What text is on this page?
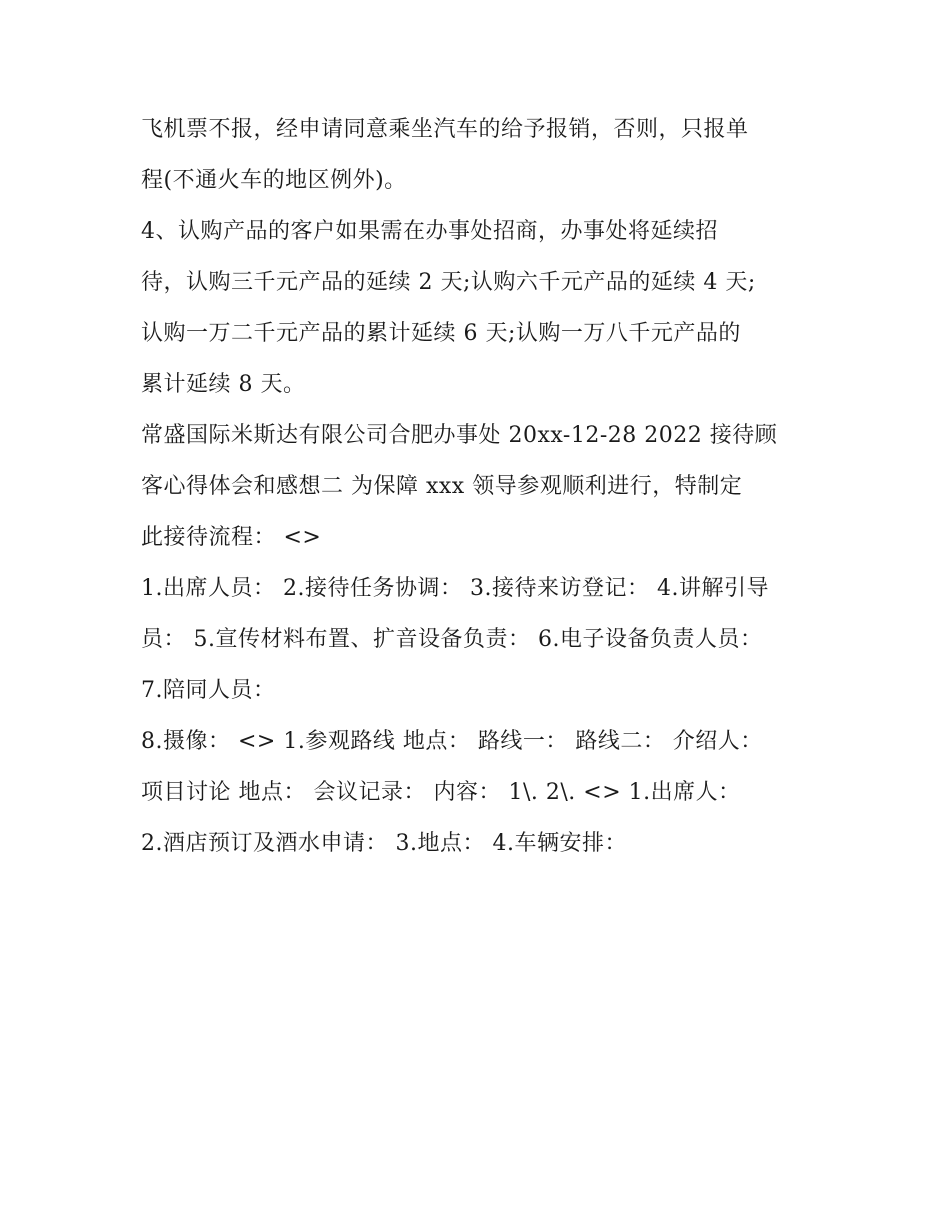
飞机票不报，经申请同意乘坐汽车的给予报销，否则，只报单
程(不通火车的地区例外)。
4、认购产品的客户如果需在办事处招商，办事处将延续招
待，认购三千元产品的延续 2 天;认购六千元产品的延续 4 天;
认购一万二千元产品的累计延续 6 天;认购一万八千元产品的
累计延续 8 天。
常盛国际米斯达有限公司合肥办事处 20xx-12-28 2022 接待顾
客心得体会和感想二 为保障 xxx 领导参观顺利进行，特制定
此接待流程： <>
1.出席人员： 2.接待任务协调： 3.接待来访登记： 4.讲解引导
员： 5.宣传材料布置、扩音设备负责： 6.电子设备负责人员：
7.陪同人员：
8.摄像： <> 1.参观路线 地点： 路线一： 路线二： 介绍人：
项目讨论 地点： 会议记录： 内容： 1\. 2\. <> 1.出席人：
2.酒店预订及酒水申请： 3.地点： 4.车辆安排：
